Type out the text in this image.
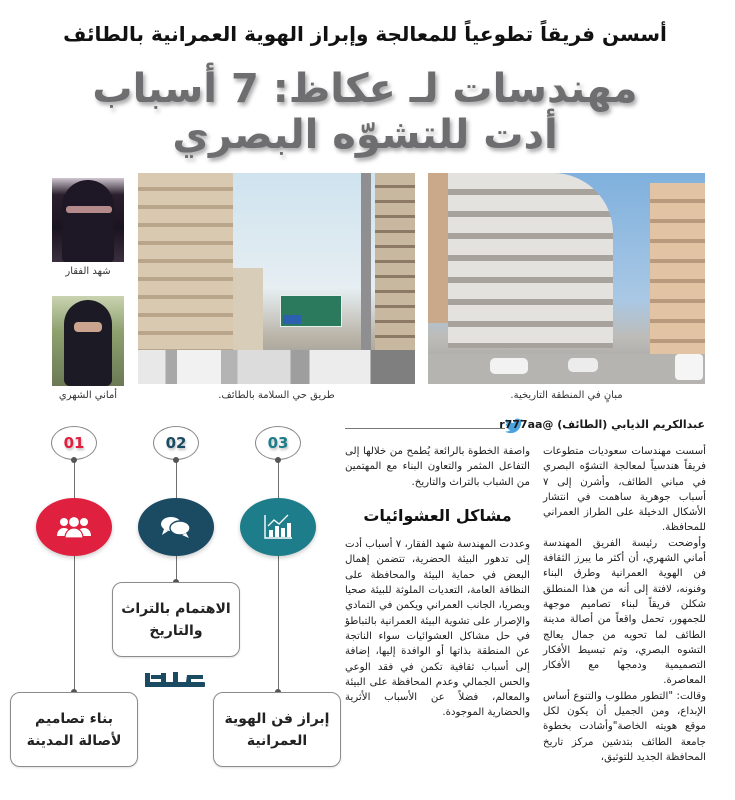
أسسن فريقاً تطوعياً للمعالجة وإبراز الهوية العمرانية بالطائف
مهندسات لـ عكاظ: 7 أسباب
أدت للتشوّه البصري
شهد الفقار
أماني الشهري	طريق حي السلامة بالطائف.	مبانٍ في المنطقة التاريخية.
عبدالكريم الذيابي (الطائف) @r777aa

أسست مهندسات سعوديات متطوعات فريقاً هندسياً لمعالجة التشوّه البصري في مباني الطائف، وأشرن إلى ٧ أسباب جوهرية ساهمت في انتشار الأشكال الدخيلة على الطراز العمراني للمحافظة.

وأوضحت رئيسة الفريق المهندسة أماني الشهري، أن أكثر ما يبرز الثقافة فن الهوية العمرانية وطرق البناء وفنونه، لافتة إلى أنه من هذا المنطلق شكلن فريقاً لبناء تصاميم موجهة للجمهور، تحمل واقعاً من أصالة مدينة الطائف لما تحويه من جمال يعالج التشوه البصري، وتم تبسيط الأفكار التصميمية ودمجها مع الأفكار المعاصرة.

وقالت: "التطور مطلوب والتنوع أساس الإبداع، ومن الجميل أن يكون لكل موقع هويته الخاصة"وأشادت بخطوة جامعة الطائف بتدشين مركز تاريخ المحافظة الجديد للتوثيق،

واصفة الخطوة بالرائعة يُطمح من خلالها إلى التفاعل المثمر والتعاون البناء مع المهتمين من الشباب بالتراث والتاريخ.

مشاكل العشوائيات

وعددت المهندسة شهد الفقار، ٧ أسباب أدت إلى تدهور البيئة الحضرية، تتضمن إهمال البعض في حماية البيئة والمحافظة على النظافة العامة، التعديات الملوثة للبيئة صحيا وبصريا، الجانب العمراني ويكمن في التمادي والإصرار على تشوية البيئة العمرانية بالتباطؤ في حل مشاكل العشوائيات سواء الناتجة عن المنطقة بذاتها أو الوافدة إليها، إضافة إلى أسباب ثقافية تكمن في فقد الوعي والحس الجمالي وعدم المحافظة على البيئة والمعالم، فضلاً عن الأسباب الأثرية والحضارية الموجودة.

01	02	03
الاهتمام بالتراث والتاريخ
بناء تصاميم لأصالة المدينة
إبراز فن الهوية العمرانية
